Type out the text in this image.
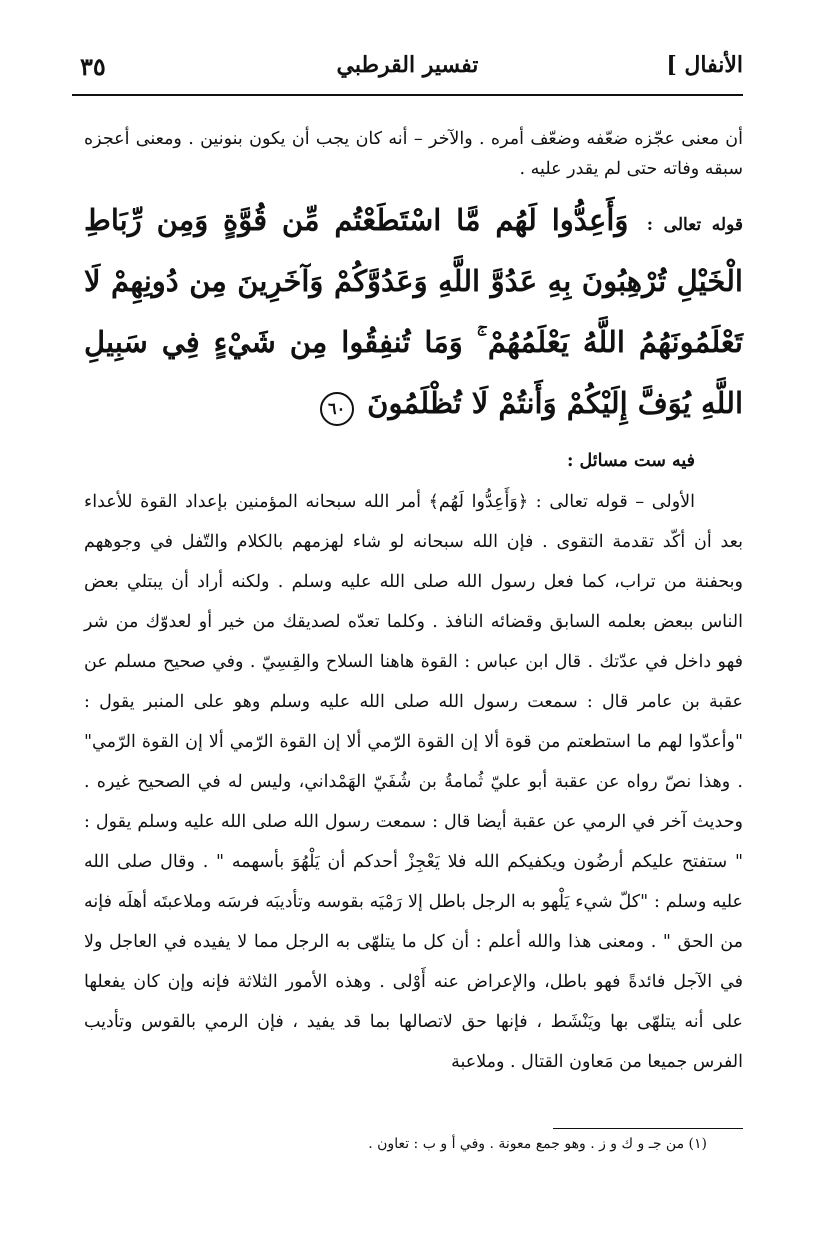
الأنفال ]
تفسير القرطبي
٣٥

أن معنى عجّزه ضعّفه وضعّف أمره . والآخر – أنه كان يجب أن يكون بنونين . ومعنى أعجزه سبقه وفاته حتى لم يقدر عليه .

قوله تعالى : وَأَعِدُّوا لَهُم مَّا اسْتَطَعْتُم مِّن قُوَّةٍ وَمِن رِّبَاطِ الْخَيْلِ تُرْهِبُونَ بِهِ عَدُوَّ اللَّهِ وَعَدُوَّكُمْ وَآخَرِينَ مِن دُونِهِمْ لَا تَعْلَمُونَهُمُ اللَّهُ يَعْلَمُهُمْ ۚ وَمَا تُنفِقُوا مِن شَيْءٍ فِي سَبِيلِ اللَّهِ يُوَفَّ إِلَيْكُمْ وَأَنتُمْ لَا تُظْلَمُونَ ٦٠

فيه ست مسائل :

الأولى – قوله تعالى : ﴿وَأَعِدُّوا لَهُم﴾ أمر الله سبحانه المؤمنين بإعداد القوة للأعداء بعد أن أكّد تقدمة التقوى . فإن الله سبحانه لو شاء لهزمهم بالكلام والتّفل في وجوههم وبحفنة من تراب، كما فعل رسول الله صلى الله عليه وسلم . ولكنه أراد أن يبتلي بعض الناس ببعض بعلمه السابق وقضائه النافذ . وكلما تعدّه لصديقك من خير أو لعدوّك من شر فهو داخل في عدّتك . قال ابن عباس : القوة هاهنا السلاح والقِسِيّ . وفي صحيح مسلم عن عقبة بن عامر قال : سمعت رسول الله صلى الله عليه وسلم وهو على المنبر يقول : "وأعدّوا لهم ما استطعتم من قوة ألا إن القوة الرّمي ألا إن القوة الرّمي ألا إن القوة الرّمي" . وهذا نصّ رواه عن عقبة أبو عليّ ثُمامةُ بن شُفَيّ الهَمْداني، وليس له في الصحيح غيره . وحديث آخر في الرمي عن عقبة أيضا قال : سمعت رسول الله صلى الله عليه وسلم يقول : " ستفتح عليكم أرضُون ويكفيكم الله فلا يَعْجِزْ أحدكم أن يَلْهُوَ بأسهمه " . وقال صلى الله عليه وسلم : "كلّ شيء يَلْهو به الرجل باطل إلا رَمْيَه بقوسه وتأديبَه فرسَه وملاعبتَه أهلَه فإنه من الحق " . ومعنى هذا والله أعلم : أن كل ما يتلهّى به الرجل مما لا يفيده في العاجل ولا في الآجل فائدةً فهو باطل، والإعراض عنه أَوْلى . وهذه الأمور الثلاثة فإنه وإن كان يفعلها على أنه يتلهّى بها ويَنْشَط ، فإنها حق لاتصالها بما قد يفيد ، فإن الرمي بالقوس وتأديب الفرس جميعا من مَعاون القتال . وملاعبة

(١) من جـ و ك و ز . وهو جمع معونة . وفي أ و ب : تعاون .
